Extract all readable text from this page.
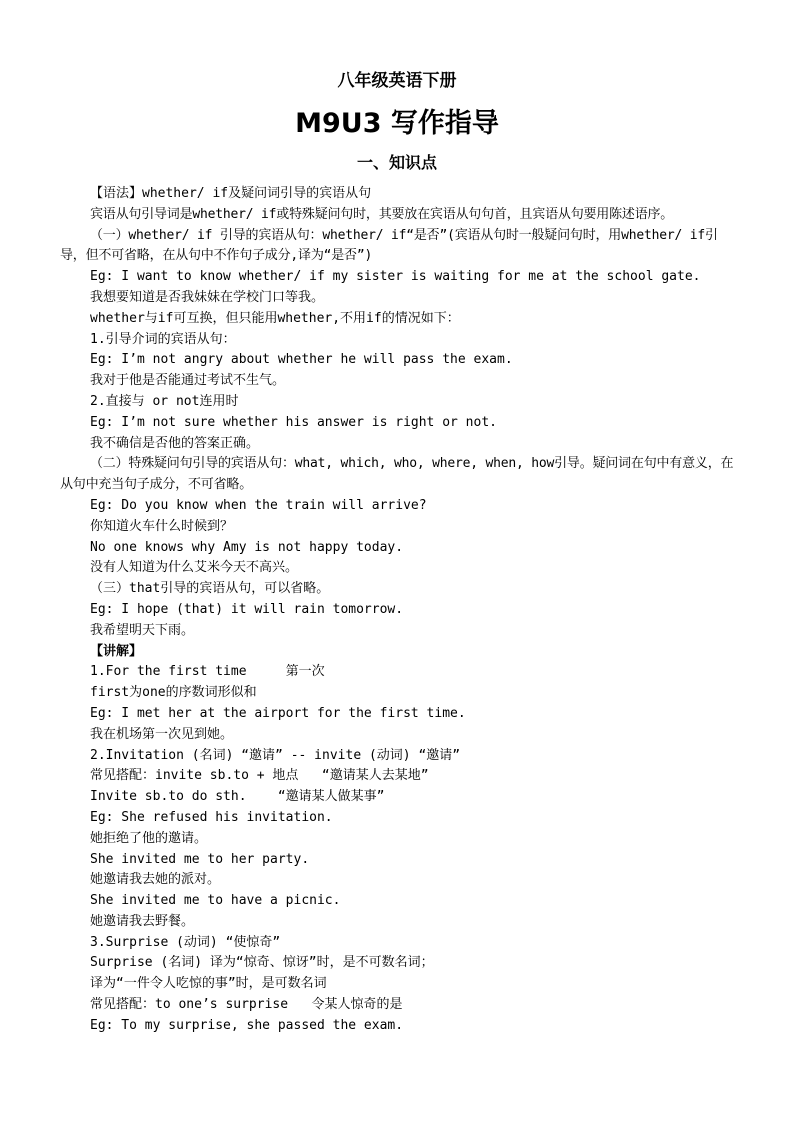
八年级英语下册
M9U3 写作指导
一、知识点

【语法】whether/ if及疑问词引导的宾语从句

宾语从句引导词是whether/ if或特殊疑问句时，其要放在宾语从句句首，且宾语从句要用陈述语序。

（一）whether/ if 引导的宾语从句：whether/ if“是否”(宾语从句时一般疑问句时，用whether/ if引导，但不可省略，在从句中不作句子成分,译为“是否”)

Eg: I want to know whether/ if my sister is waiting for me at the school gate.

我想要知道是否我妹妹在学校门口等我。

whether与if可互换，但只能用whether,不用if的情况如下：

1.引导介词的宾语从句：

Eg: I’m not angry about whether he will pass the exam.

我对于他是否能通过考试不生气。

2.直接与 or not连用时

Eg: I’m not sure whether his answer is right or not.

我不确信是否他的答案正确。

（二）特殊疑问句引导的宾语从句：what, which, who, where, when, how引导。疑问词在句中有意义，在从句中充当句子成分，不可省略。

Eg: Do you know when the train will arrive?

你知道火车什么时候到？

No one knows why Amy is not happy today.

没有人知道为什么艾米今天不高兴。

（三）that引导的宾语从句，可以省略。

Eg: I hope (that) it will rain tomorrow.

我希望明天下雨。

【讲解】

1.For the first time     第一次

first为one的序数词形似和

Eg: I met her at the airport for the first time.

我在机场第一次见到她。

2.Invitation (名词) “邀请” -- invite (动词) “邀请”

常见搭配：invite sb.to + 地点   “邀请某人去某地”

Invite sb.to do sth.    “邀请某人做某事”

Eg: She refused his invitation.

她拒绝了他的邀请。

She invited me to her party.

她邀请我去她的派对。

She invited me to have a picnic.

她邀请我去野餐。

3.Surprise (动词) “使惊奇”

Surprise (名词) 译为“惊奇、惊讶”时，是不可数名词；

译为“一件令人吃惊的事”时，是可数名词

常见搭配：to one’s surprise   令某人惊奇的是

Eg: To my surprise, she passed the exam.
